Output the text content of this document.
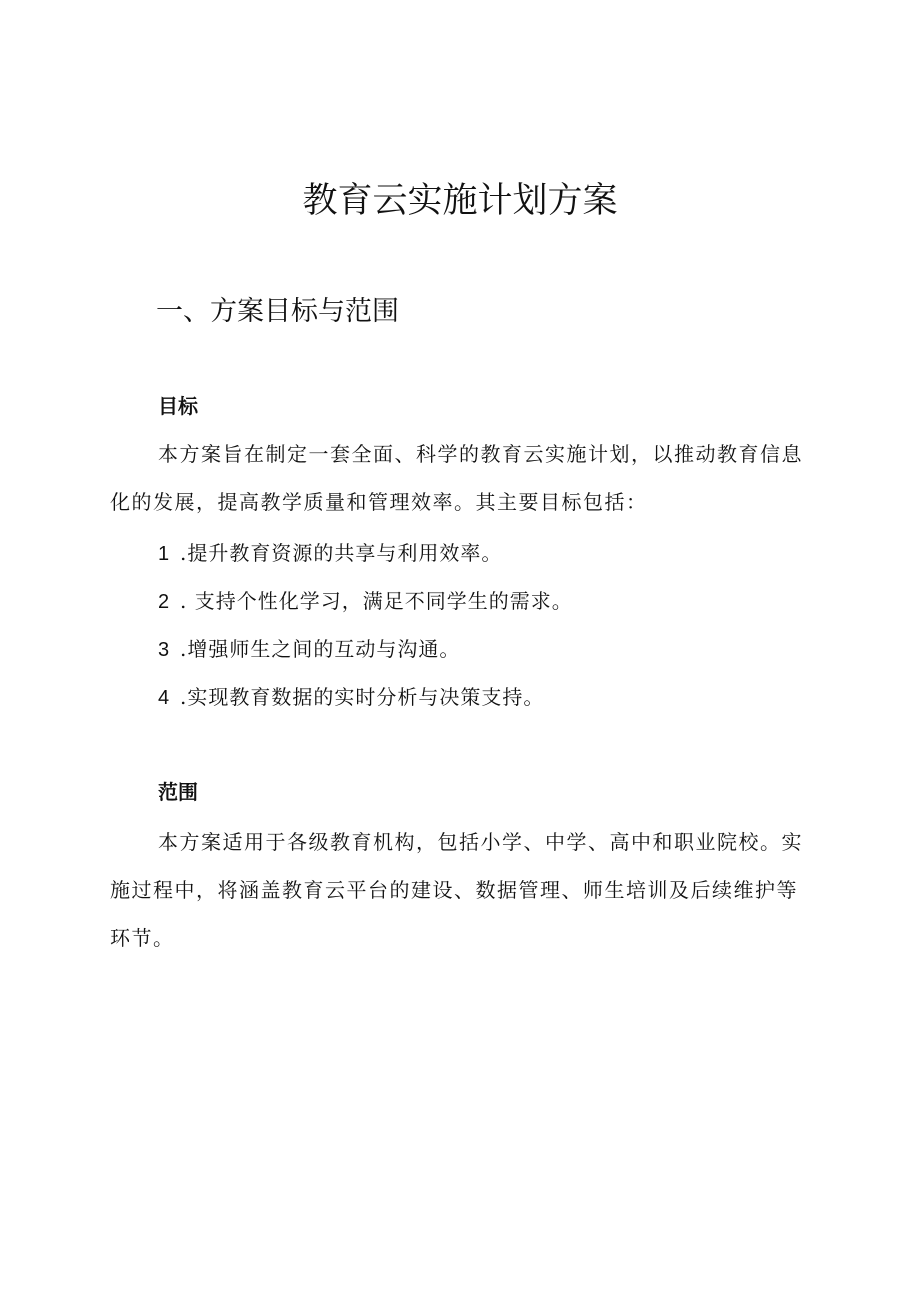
教育云实施计划方案
一、方案目标与范围
目标

本方案旨在制定一套全面、科学的教育云实施计划，以推动教育信息化的发展，提高教学质量和管理效率。其主要目标包括：

1 .提升教育资源的共享与利用效率。
2 . 支持个性化学习，满足不同学生的需求。
3 .增强师生之间的互动与沟通。
4 .实现教育数据的实时分析与决策支持。
范围

本方案适用于各级教育机构，包括小学、中学、高中和职业院校。实施过程中，将涵盖教育云平台的建设、数据管理、师生培训及后续维护等环节。
